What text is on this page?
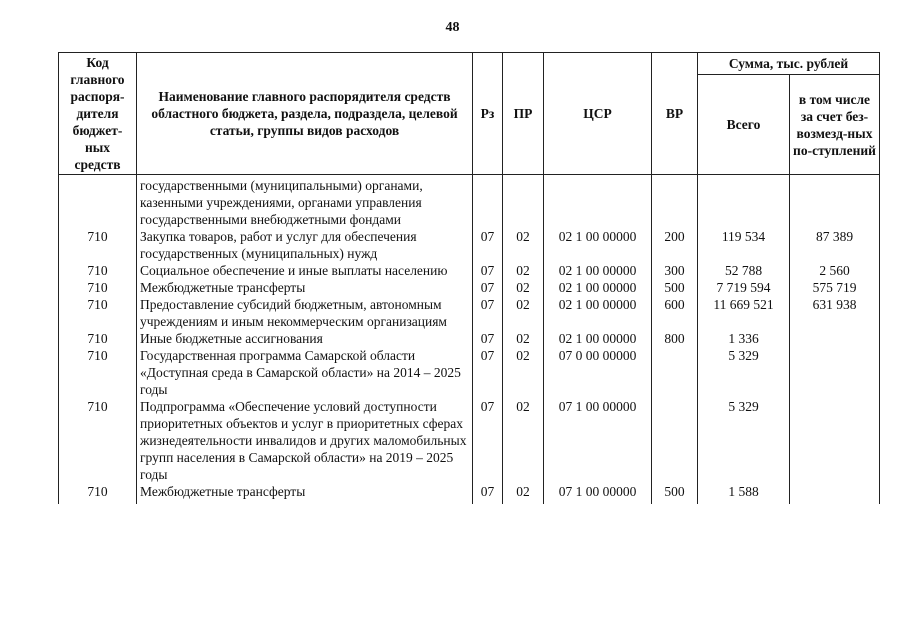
48
Код главного распоря-дителя бюджет-ных средств	Наименование главного распорядителя средств областного бюджета, раздела, подраздела, целевой статьи, группы видов расходов	Рз	ПР	ЦСР	ВР	Сумма, тыс. рублей	
						Всего	в том числе за счет без-возмезд-ных по-ступлений
	государственными (муниципальными) органами, казенными учреждениями, органами управления государственными внебюджетными фондами						
710	Закупка товаров, работ и услуг для обеспечения государственных (муниципальных) нужд	07	02	02 1 00 00000	200	119 534	87 389
710	Социальное обеспечение и иные выплаты населению	07	02	02 1 00 00000	300	52 788	2 560
710	Межбюджетные трансферты	07	02	02 1 00 00000	500	7 719 594	575 719
710	Предоставление субсидий бюджетным, автономным учреждениям и иным некоммерческим организациям	07	02	02 1 00 00000	600	11 669 521	631 938
710	Иные бюджетные ассигнования	07	02	02 1 00 00000	800	1 336	
710	Государственная программа Самарской области «Доступная среда в Самарской области» на 2014 – 2025 годы	07	02	07 0 00 00000		5 329	
710	Подпрограмма «Обеспечение условий доступности приоритетных объектов и услуг в приоритетных сферах жизнедеятельности инвалидов и других маломобильных групп населения в Самарской области» на 2019 – 2025 годы	07	02	07 1 00 00000		5 329	
710	Межбюджетные трансферты	07	02	07 1 00 00000	500	1 588	
